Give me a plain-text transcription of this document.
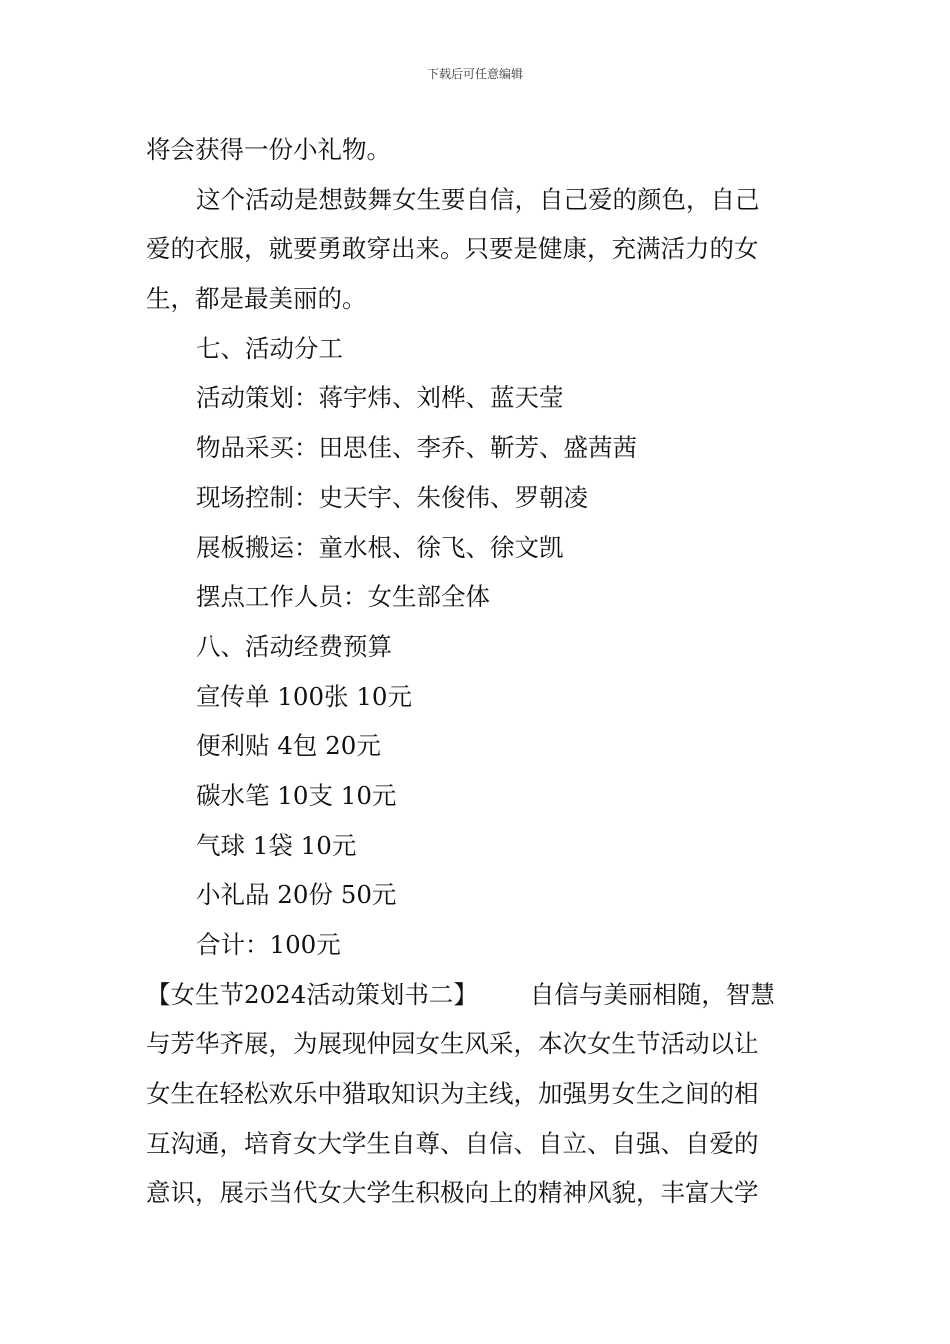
下载后可任意编辑
将会获得一份小礼物。
这个活动是想鼓舞女生要自信，自己爱的颜色，自己
爱的衣服，就要勇敢穿出来。只要是健康，充满活力的女
生，都是最美丽的。
七、活动分工
活动策划：蒋宇炜、刘桦、蓝天莹
物品采买：田思佳、李乔、靳芳、盛茜茜
现场控制：史天宇、朱俊伟、罗朝凌
展板搬运：童水根、徐飞、徐文凯
摆点工作人员：女生部全体
八、活动经费预算
宣传单 100张 10元
便利贴 4包 20元
碳水笔 10支 10元
气球 1袋 10元
小礼品 20份 50元
合计：100元
【女生节2024活动策划书二】 自信与美丽相随，智慧
与芳华齐展，为展现仲园女生风采，本次女生节活动以让
女生在轻松欢乐中猎取知识为主线，加强男女生之间的相
互沟通，培育女大学生自尊、自信、自立、自强、自爱的
意识，展示当代女大学生积极向上的精神风貌，丰富大学
